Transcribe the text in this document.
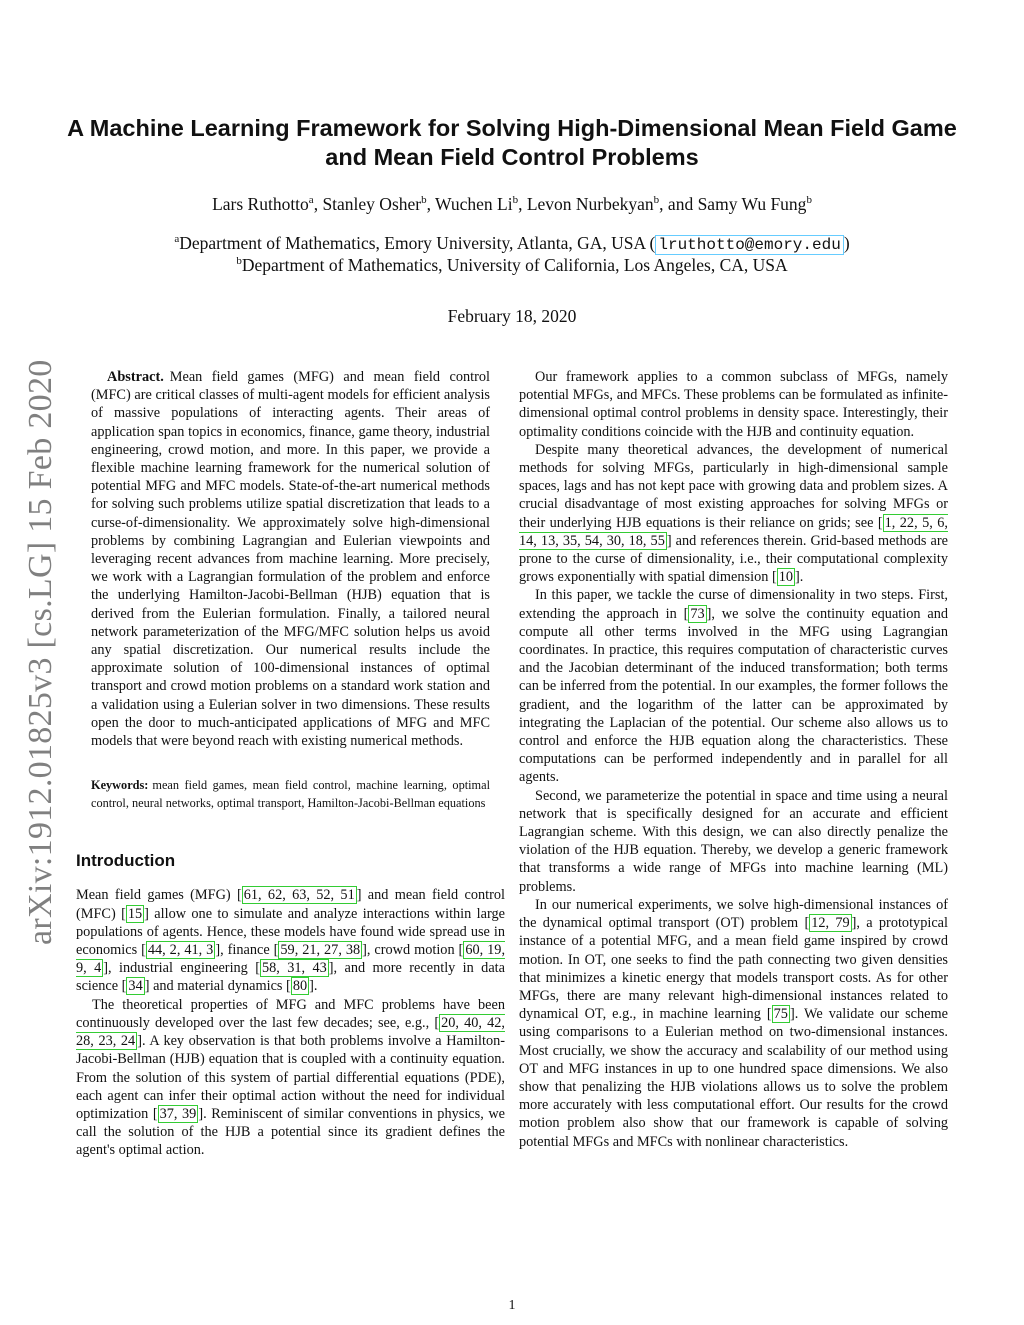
arXiv:1912.01825v3 [cs.LG] 15 Feb 2020
A Machine Learning Framework for Solving High-Dimensional Mean Field Game and Mean Field Control Problems
Lars Ruthotto$^a$, Stanley Osher$^b$, Wuchen Li$^b$, Levon Nurbekyan$^b$, and Samy Wu Fung$^b$
$^a$Department of Mathematics, Emory University, Atlanta, GA, USA ( lruthotto@emory.edu )
$^b$Department of Mathematics, University of California, Los Angeles, CA, USA
February 18, 2020

Abstract. Mean field games (MFG) and mean field control (MFC) are critical classes of multi-agent models for efficient analysis of massive populations of interacting agents. Their areas of application span topics in economics, finance, game theory, industrial engineering, crowd motion, and more. In this paper, we provide a flexible machine learning framework for the numerical solution of potential MFG and MFC models. State-of-the-art numerical methods for solving such problems utilize spatial discretization that leads to a curse-of-dimensionality. We approximately solve high-dimensional problems by combining Lagrangian and Eulerian viewpoints and leveraging recent advances from machine learning. More precisely, we work with a Lagrangian formulation of the problem and enforce the underlying Hamilton-Jacobi-Bellman (HJB) equation that is derived from the Eulerian formulation. Finally, a tailored neural network parameterization of the MFG/MFC solution helps us avoid any spatial discretization. Our numerical results include the approximate solution of 100-dimensional instances of optimal transport and crowd motion problems on a standard work station and a validation using a Eulerian solver in two dimensions. These results open the door to much-anticipated applications of MFG and MFC models that were beyond reach with existing numerical methods.

Keywords: mean field games, mean field control, machine learning, optimal control, neural networks, optimal transport, Hamilton-Jacobi-Bellman equations

Introduction

Mean field games (MFG) [ 61, 62, 63, 52, 51 ] and mean field control (MFC) [ 15 ] allow one to simulate and analyze interactions within large populations of agents. Hence, these models have found wide spread use in economics [ 44, 2, 41, 3 ], finance [ 59, 21, 27, 38 ], crowd motion [ 60, 19, 9, 4 ], industrial engineering [ 58, 31, 43 ], and more recently in data science [ 34 ] and material dynamics [ 80 ].

The theoretical properties of MFG and MFC problems have been continuously developed over the last few decades; see, e.g., [ 20, 40, 42, 28, 23, 24 ]. A key observation is that both problems involve a Hamilton-Jacobi-Bellman (HJB) equation that is coupled with a continuity equation. From the solution of this system of partial differential equations (PDE), each agent can infer their optimal action without the need for individual optimization [ 37, 39 ]. Reminiscent of similar conventions in physics, we call the solution of the HJB a potential since its gradient defines the agent's optimal action.

Our framework applies to a common subclass of MFGs, namely potential MFGs, and MFCs. These problems can be formulated as infinite-dimensional optimal control problems in density space. Interestingly, their optimality conditions coincide with the HJB and continuity equation.

Despite many theoretical advances, the development of numerical methods for solving MFGs, particularly in high-dimensional sample spaces, lags and has not kept pace with growing data and problem sizes. A crucial disadvantage of most existing approaches for solving MFGs or their underlying HJB equations is their reliance on grids; see [ 1, 22, 5, 6, 14, 13, 35, 54, 30, 18, 55 ] and references therein. Grid-based methods are prone to the curse of dimensionality, i.e., their computational complexity grows exponentially with spatial dimension [ 10 ].

In this paper, we tackle the curse of dimensionality in two steps. First, extending the approach in [ 73 ], we solve the continuity equation and compute all other terms involved in the MFG using Lagrangian coordinates. In practice, this requires computation of characteristic curves and the Jacobian determinant of the induced transformation; both terms can be inferred from the potential. In our examples, the former follows the gradient, and the logarithm of the latter can be approximated by integrating the Laplacian of the potential. Our scheme also allows us to control and enforce the HJB equation along the characteristics. These computations can be performed independently and in parallel for all agents.

Second, we parameterize the potential in space and time using a neural network that is specifically designed for an accurate and efficient Lagrangian scheme. With this design, we can also directly penalize the violation of the HJB equation. Thereby, we develop a generic framework that transforms a wide range of MFGs into machine learning (ML) problems.

In our numerical experiments, we solve high-dimensional instances of the dynamical optimal transport (OT) problem [ 12, 79 ], a prototypical instance of a potential MFG, and a mean field game inspired by crowd motion. In OT, one seeks to find the path connecting two given densities that minimizes a kinetic energy that models transport costs. As for other MFGs, there are many relevant high-dimensional instances related to dynamical OT, e.g., in machine learning [ 75 ]. We validate our scheme using comparisons to a Eulerian method on two-dimensional instances. Most crucially, we show the accuracy and scalability of our method using OT and MFG instances in up to one hundred space dimensions. We also show that penalizing the HJB violations allows us to solve the problem more accurately with less computational effort. Our results for the crowd motion problem also show that our framework is capable of solving potential MFGs and MFCs with nonlinear characteristics.

1
